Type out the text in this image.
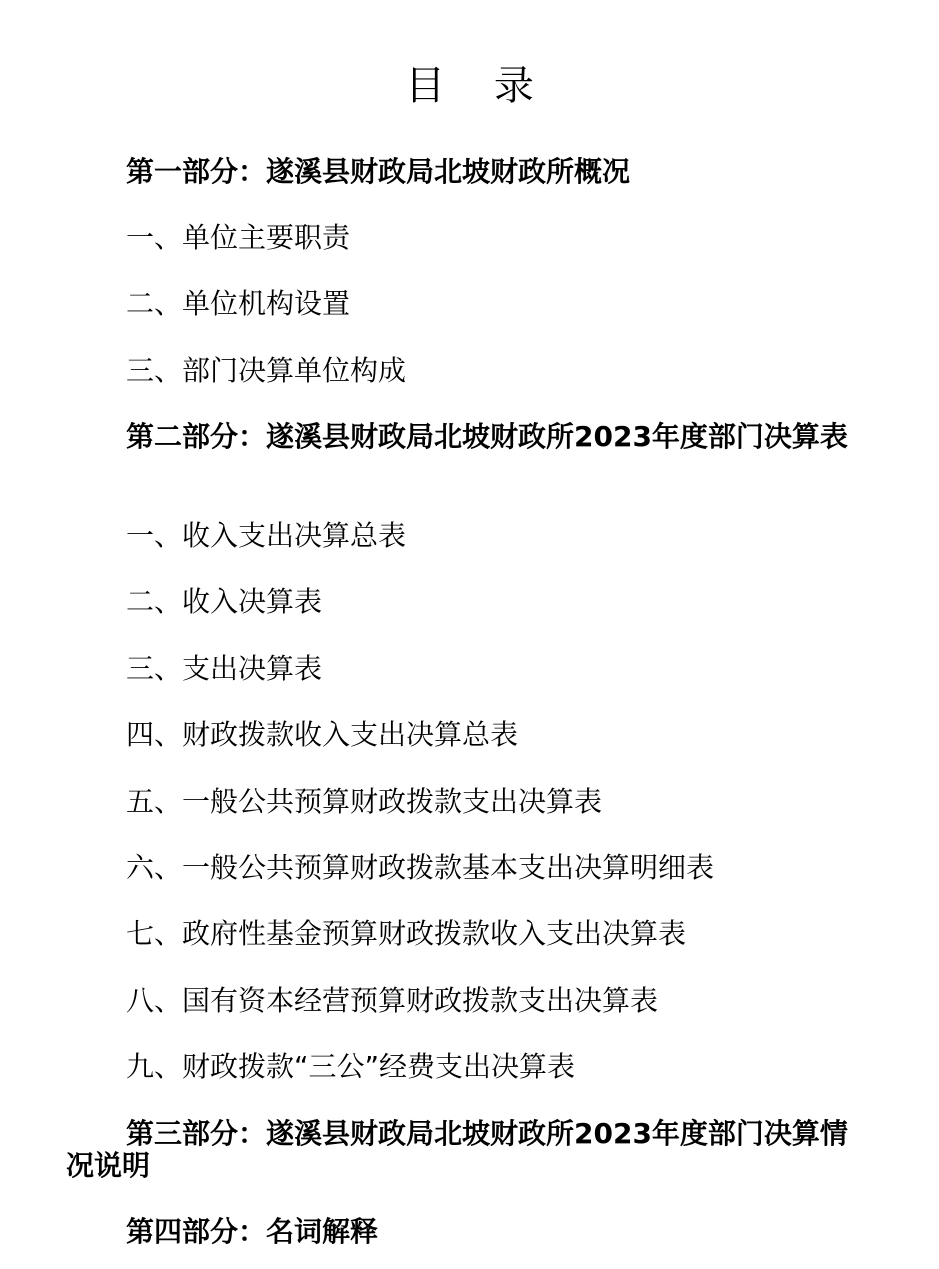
目 录
第一部分：遂溪县财政局北坡财政所概况
一、单位主要职责
二、单位机构设置
三、部门决算单位构成
第二部分：遂溪县财政局北坡财政所2023年度部门决算表
一、收入支出决算总表
二、收入决算表
三、支出决算表
四、财政拨款收入支出决算总表
五、一般公共预算财政拨款支出决算表
六、一般公共预算财政拨款基本支出决算明细表
七、政府性基金预算财政拨款收入支出决算表
八、国有资本经营预算财政拨款支出决算表
九、财政拨款“三公”经费支出决算表
第三部分：遂溪县财政局北坡财政所2023年度部门决算情况说明
第四部分：名词解释
